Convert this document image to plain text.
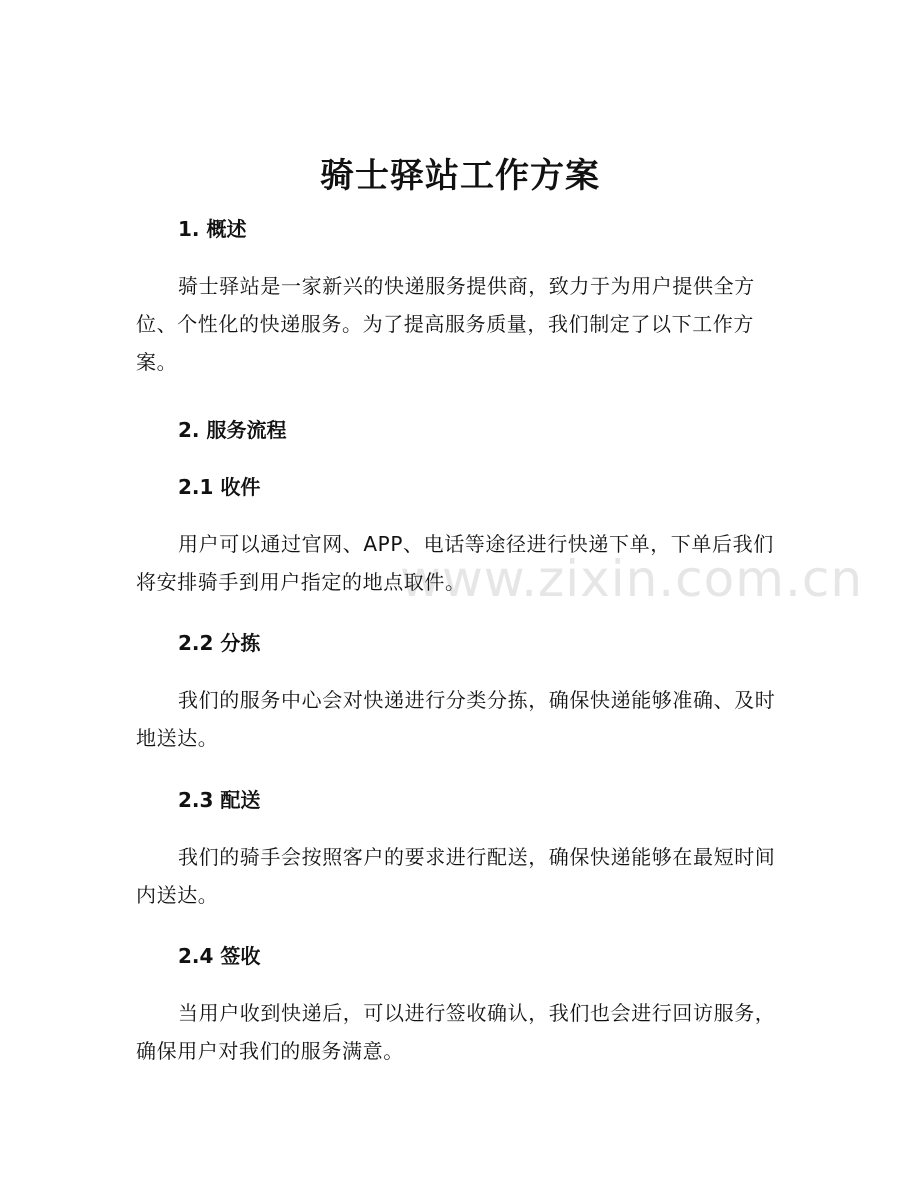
www.zixin.com.cn
骑士驿站工作方案
1. 概述

骑士驿站是一家新兴的快递服务提供商，致力于为用户提供全方位、个性化的快递服务。为了提高服务质量，我们制定了以下工作方案。

2. 服务流程
2.1 收件

用户可以通过官网、APP、电话等途径进行快递下单，下单后我们将安排骑手到用户指定的地点取件。

2.2 分拣

我们的服务中心会对快递进行分类分拣，确保快递能够准确、及时地送达。

2.3 配送

我们的骑手会按照客户的要求进行配送，确保快递能够在最短时间内送达。

2.4 签收

当用户收到快递后，可以进行签收确认，我们也会进行回访服务，确保用户对我们的服务满意。
